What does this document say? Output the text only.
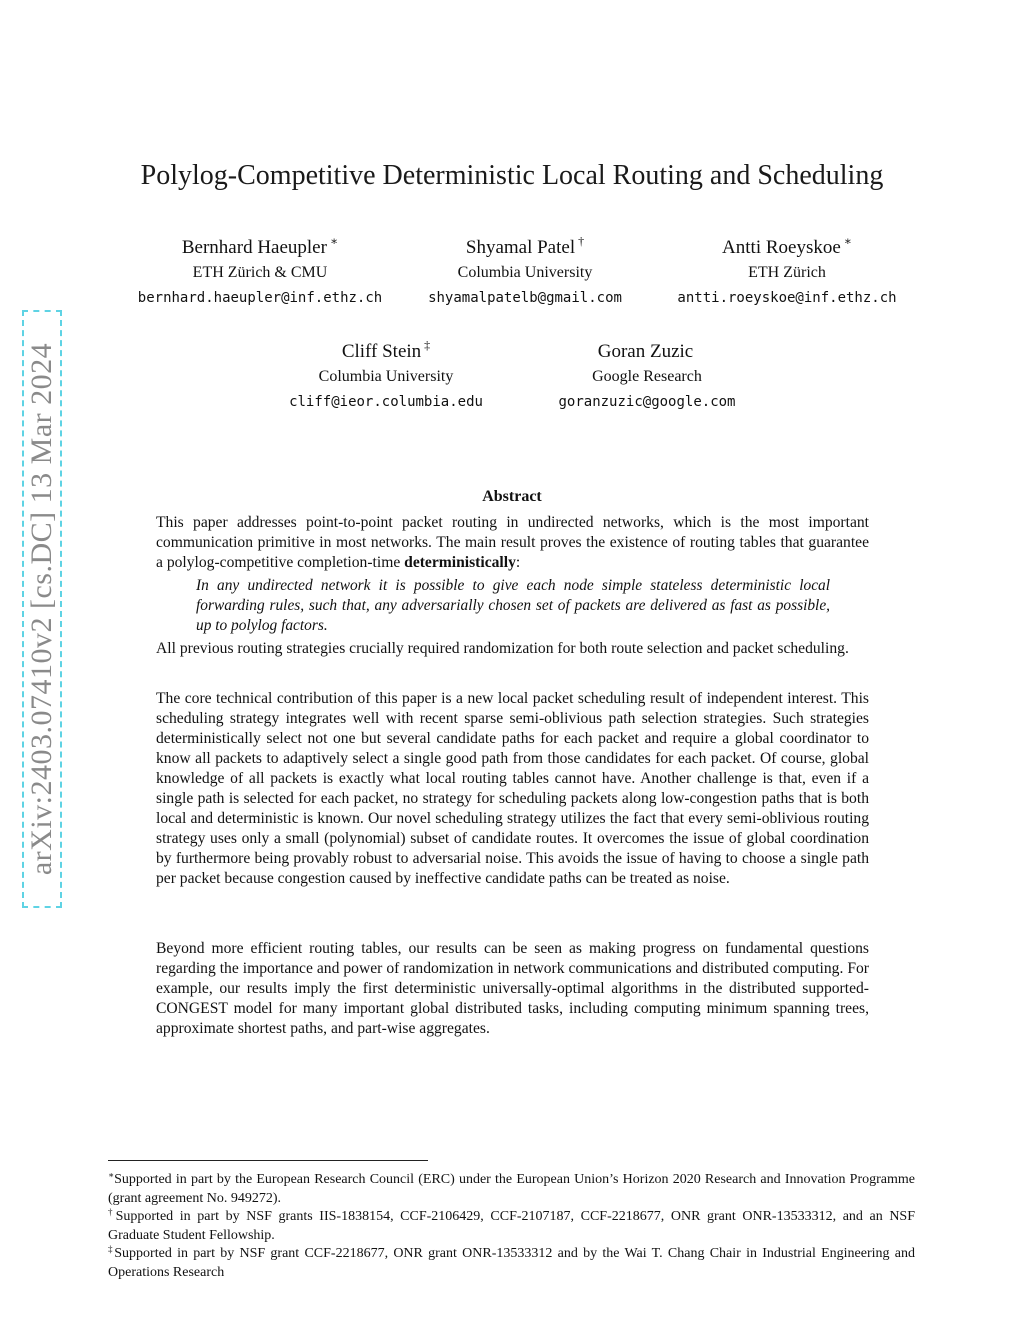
arXiv:2403.07410v2 [cs.DC] 13 Mar 2024
Polylog-Competitive Deterministic Local Routing and Scheduling
Bernhard Haeupler ∗
ETH Zürich & CMU
bernhard.haeupler@inf.ethz.ch
Shyamal Patel †
Columbia University
shyamalpatelb@gmail.com
Antti Roeyskoe ∗
ETH Zürich
antti.roeyskoe@inf.ethz.ch
Cliff Stein ‡
Columbia University
cliff@ieor.columbia.edu
Goran Zuzic
Google Research
goranzuzic@google.com
Abstract

This paper addresses point-to-point packet routing in undirected networks, which is the most important communication primitive in most networks. The main result proves the existence of routing tables that guarantee a polylog-competitive completion-time deterministically:

In any undirected network it is possible to give each node simple stateless deterministic local forwarding rules, such that, any adversarially chosen set of packets are delivered as fast as possible, up to polylog factors.

All previous routing strategies crucially required randomization for both route selection and packet scheduling.

The core technical contribution of this paper is a new local packet scheduling result of independent interest. This scheduling strategy integrates well with recent sparse semi-oblivious path selection strategies. Such strategies deterministically select not one but several candidate paths for each packet and require a global coordinator to know all packets to adaptively select a single good path from those candidates for each packet. Of course, global knowledge of all packets is exactly what local routing tables cannot have. Another challenge is that, even if a single path is selected for each packet, no strategy for scheduling packets along low-congestion paths that is both local and deterministic is known. Our novel scheduling strategy utilizes the fact that every semi-oblivious routing strategy uses only a small (polynomial) subset of candidate routes. It overcomes the issue of global coordination by furthermore being provably robust to adversarial noise. This avoids the issue of having to choose a single path per packet because congestion caused by ineffective candidate paths can be treated as noise.

Beyond more efficient routing tables, our results can be seen as making progress on fundamental questions regarding the importance and power of randomization in network communications and distributed computing. For example, our results imply the first deterministic universally-optimal algorithms in the distributed supported-CONGEST model for many important global distributed tasks, including computing minimum spanning trees, approximate shortest paths, and part-wise aggregates.

∗Supported in part by the European Research Council (ERC) under the European Union’s Horizon 2020 Research and Innovation Programme (grant agreement No. 949272).

†Supported in part by NSF grants IIS-1838154, CCF-2106429, CCF-2107187, CCF-2218677, ONR grant ONR-13533312, and an NSF Graduate Student Fellowship.

‡Supported in part by NSF grant CCF-2218677, ONR grant ONR-13533312 and by the Wai T. Chang Chair in Industrial Engineering and Operations Research
